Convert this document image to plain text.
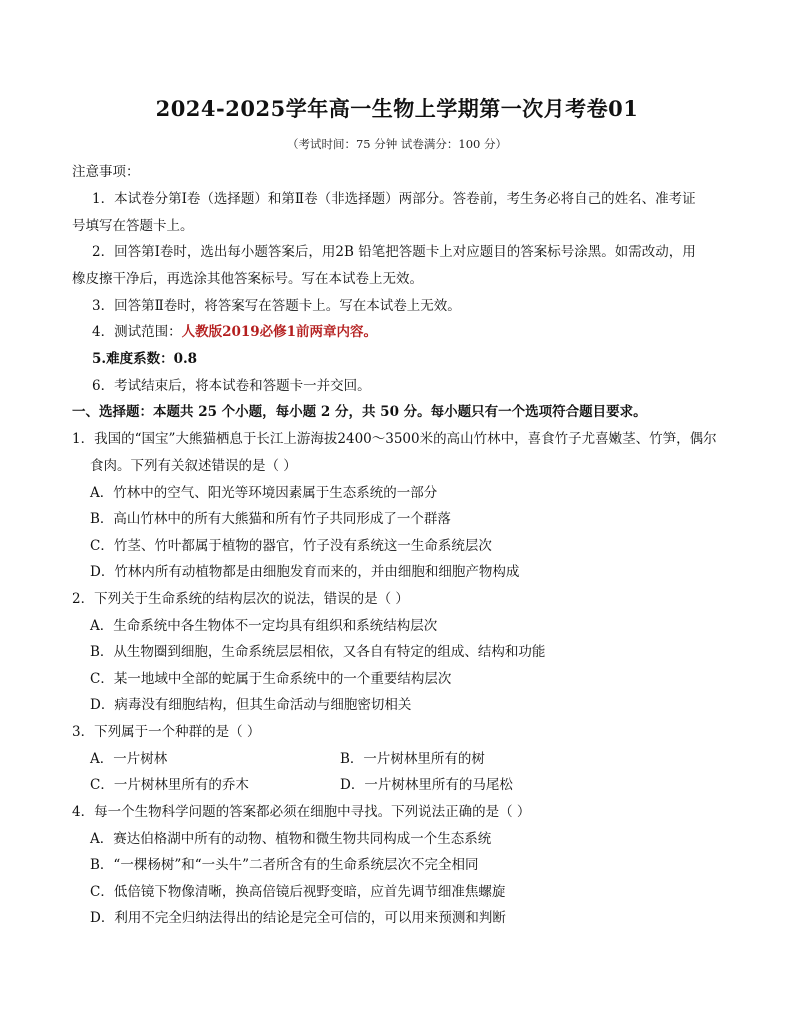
2024-2025学年高一生物上学期第一次月考卷01
（考试时间：75 分钟 试卷满分：100 分）
注意事项：
1．本试卷分第Ⅰ卷（选择题）和第Ⅱ卷（非选择题）两部分。答卷前，考生务必将自己的姓名、准考证
号填写在答题卡上。
2．回答第Ⅰ卷时，选出每小题答案后，用2B 铅笔把答题卡上对应题目的答案标号涂黑。如需改动，用
橡皮擦干净后，再选涂其他答案标号。写在本试卷上无效。
3．回答第Ⅱ卷时，将答案写在答题卡上。写在本试卷上无效。
4．测试范围：人教版2019必修1前两章内容。
5.难度系数：0.8
6．考试结束后，将本试卷和答题卡一并交回。
一、选择题：本题共 25 个小题，每小题 2 分，共 50 分。每小题只有一个选项符合题目要求。
1．我国的“国宝”大熊猫栖息于长江上游海拔2400～3500米的高山竹林中，喜食竹子尤喜嫩茎、竹笋，偶尔
食肉。下列有关叙述错误的是（ ）
A．竹林中的空气、阳光等环境因素属于生态系统的一部分
B．高山竹林中的所有大熊猫和所有竹子共同形成了一个群落
C．竹茎、竹叶都属于植物的器官，竹子没有系统这一生命系统层次
D．竹林内所有动植物都是由细胞发育而来的，并由细胞和细胞产物构成
2．下列关于生命系统的结构层次的说法，错误的是（ ）
A．生命系统中各生物体不一定均具有组织和系统结构层次
B．从生物圈到细胞，生命系统层层相依，又各自有特定的组成、结构和功能
C．某一地域中全部的蛇属于生命系统中的一个重要结构层次
D．病毒没有细胞结构，但其生命活动与细胞密切相关
3．下列属于一个种群的是（ ）
A．一片树林	B．一片树林里所有的树
C．一片树林里所有的乔木	D．一片树林里所有的马尾松
4．每一个生物科学问题的答案都必须在细胞中寻找。下列说法正确的是（ ）
A．赛达伯格湖中所有的动物、植物和微生物共同构成一个生态系统
B．“一棵杨树”和“一头牛”二者所含有的生命系统层次不完全相同
C．低倍镜下物像清晰，换高倍镜后视野变暗，应首先调节细准焦螺旋
D．利用不完全归纳法得出的结论是完全可信的，可以用来预测和判断
